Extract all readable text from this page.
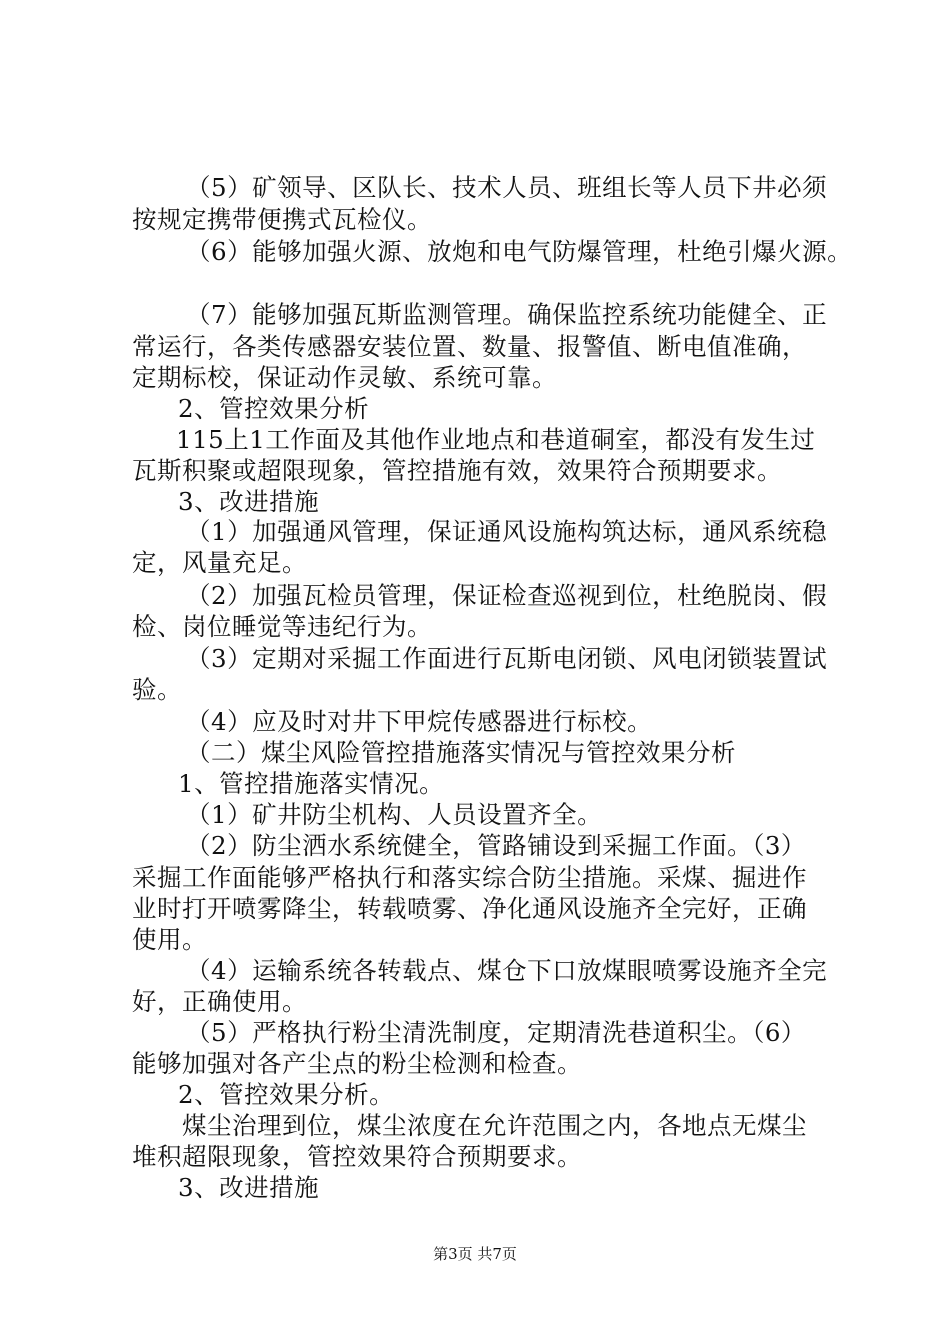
（5）矿领导、区队长、技术人员、班组长等人员下井必须
按规定携带便携式瓦检仪。
（6）能够加强火源、放炮和电气防爆管理，杜绝引爆火源。
（7）能够加强瓦斯监测管理。确保监控系统功能健全、正
常运行，各类传感器安装位置、数量、报警值、断电值准确，
定期标校，保证动作灵敏、系统可靠。
2、管控效果分析
115上1工作面及其他作业地点和巷道硐室，都没有发生过
瓦斯积聚或超限现象，管控措施有效，效果符合预期要求。
3、改进措施
（1）加强通风管理，保证通风设施构筑达标，通风系统稳
定，风量充足。
（2）加强瓦检员管理，保证检查巡视到位，杜绝脱岗、假
检、岗位睡觉等违纪行为。
（3）定期对采掘工作面进行瓦斯电闭锁、风电闭锁装置试
验。
（4）应及时对井下甲烷传感器进行标校。
（二）煤尘风险管控措施落实情况与管控效果分析
1、管控措施落实情况。
（1）矿井防尘机构、人员设置齐全。
（2）防尘洒水系统健全，管路铺设到采掘工作面。（3）
采掘工作面能够严格执行和落实综合防尘措施。采煤、掘进作
业时打开喷雾降尘，转载喷雾、净化通风设施齐全完好，正确
使用。
（4）运输系统各转载点、煤仓下口放煤眼喷雾设施齐全完
好，正确使用。
（5）严格执行粉尘清洗制度，定期清洗巷道积尘。（6）
能够加强对各产尘点的粉尘检测和检查。
2、管控效果分析。
煤尘治理到位，煤尘浓度在允许范围之内，各地点无煤尘
堆积超限现象，管控效果符合预期要求。
3、改进措施
第3页 共7页
